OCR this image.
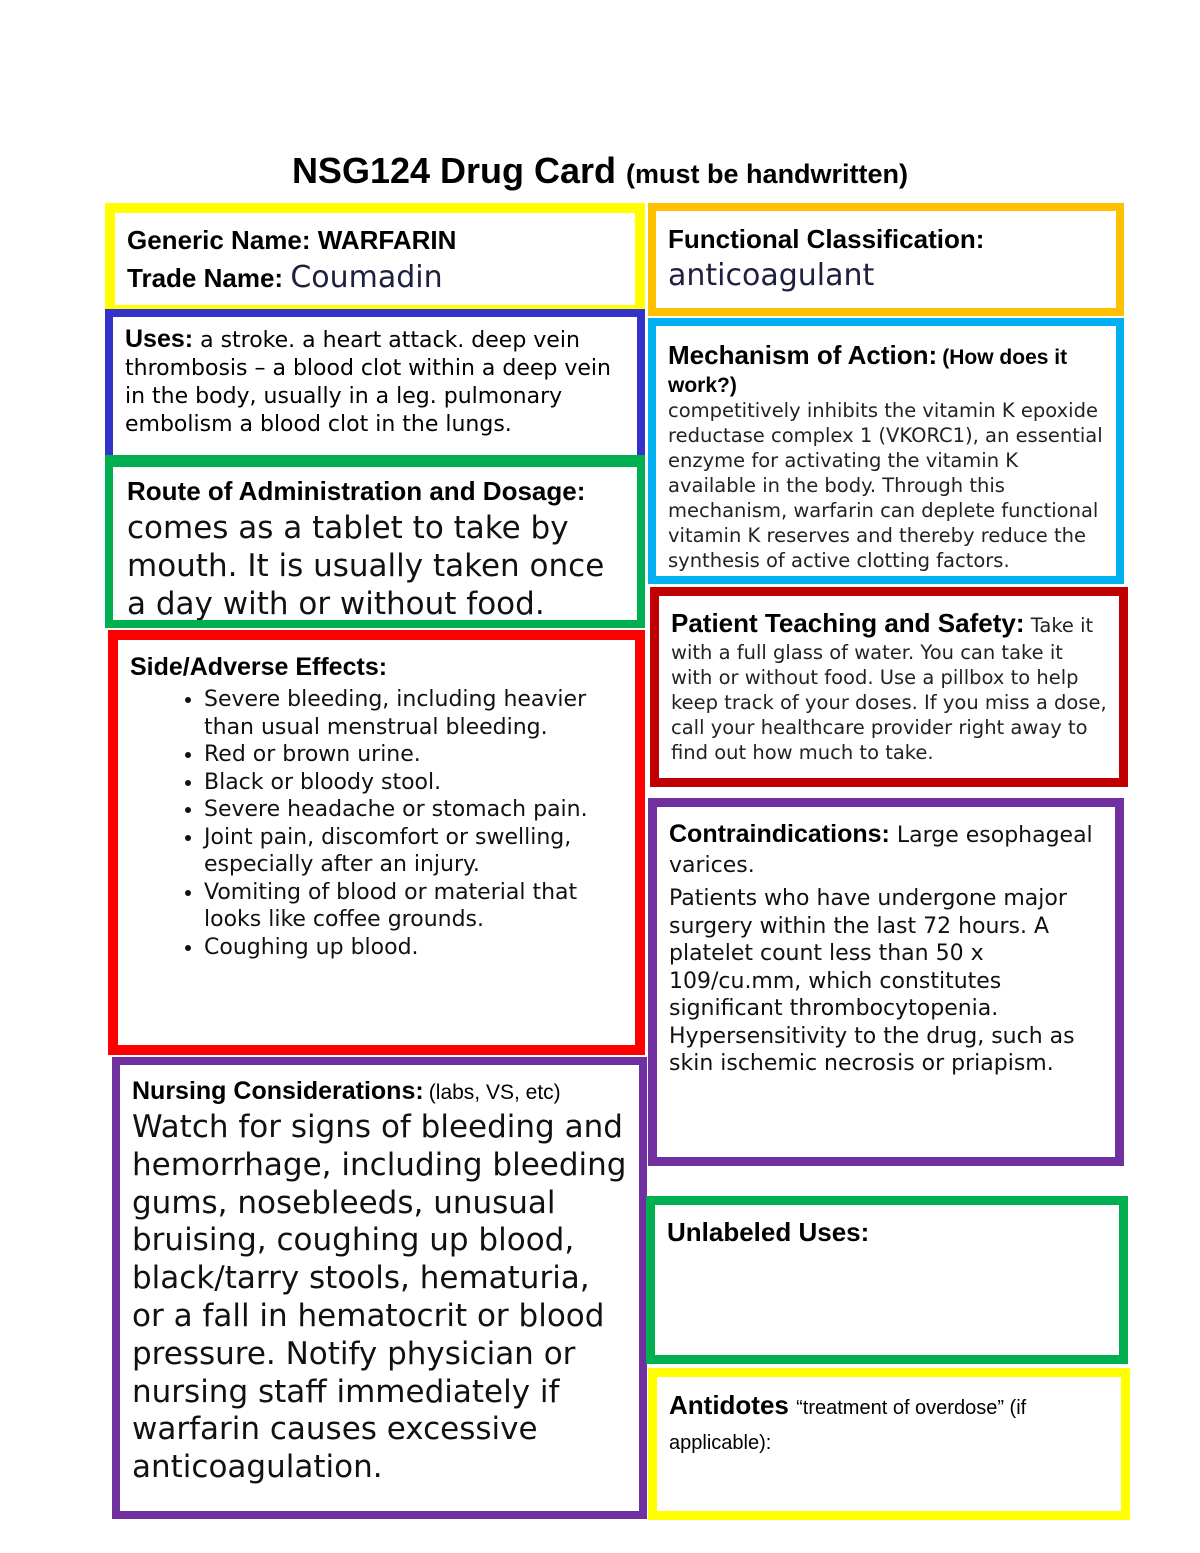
NSG124 Drug Card (must be handwritten)
Generic Name: WARFARIN
Trade Name: Coumadin
Functional Classification:
anticoagulant
Uses: a stroke. a heart attack. deep vein thrombosis – a blood clot within a deep vein in the body, usually in a leg. pulmonary embolism a blood clot in the lungs.
Route of Administration and Dosage:
comes as a tablet to take by mouth. It is usually taken once a day with or without food.
Mechanism of Action: (How does it work?)
competitively inhibits the vitamin K epoxide reductase complex 1 (VKORC1), an essential enzyme for activating the vitamin K available in the body. Through this mechanism, warfarin can deplete functional vitamin K reserves and thereby reduce the synthesis of active clotting factors.
Side/Adverse Effects:
• Severe bleeding, including heavier than usual menstrual bleeding.
• Red or brown urine.
• Black or bloody stool.
• Severe headache or stomach pain.
• Joint pain, discomfort or swelling, especially after an injury.
• Vomiting of blood or material that looks like coffee grounds.
• Coughing up blood.
Patient Teaching and Safety: Take it with a full glass of water. You can take it with or without food. Use a pillbox to help keep track of your doses. If you miss a dose, call your healthcare provider right away to find out how much to take.
Contraindications: Large esophageal varices.
Patients who have undergone major surgery within the last 72 hours. A platelet count less than 50 x 109/cu.mm, which constitutes significant thrombocytopenia. Hypersensitivity to the drug, such as skin ischemic necrosis or priapism.
Nursing Considerations: (labs, VS, etc)
Watch for signs of bleeding and hemorrhage, including bleeding gums, nosebleeds, unusual bruising, coughing up blood, black/tarry stools, hematuria, or a fall in hematocrit or blood pressure. Notify physician or nursing staff immediately if warfarin causes excessive anticoagulation.
Unlabeled Uses:
Antidotes “treatment of overdose” (if applicable):
